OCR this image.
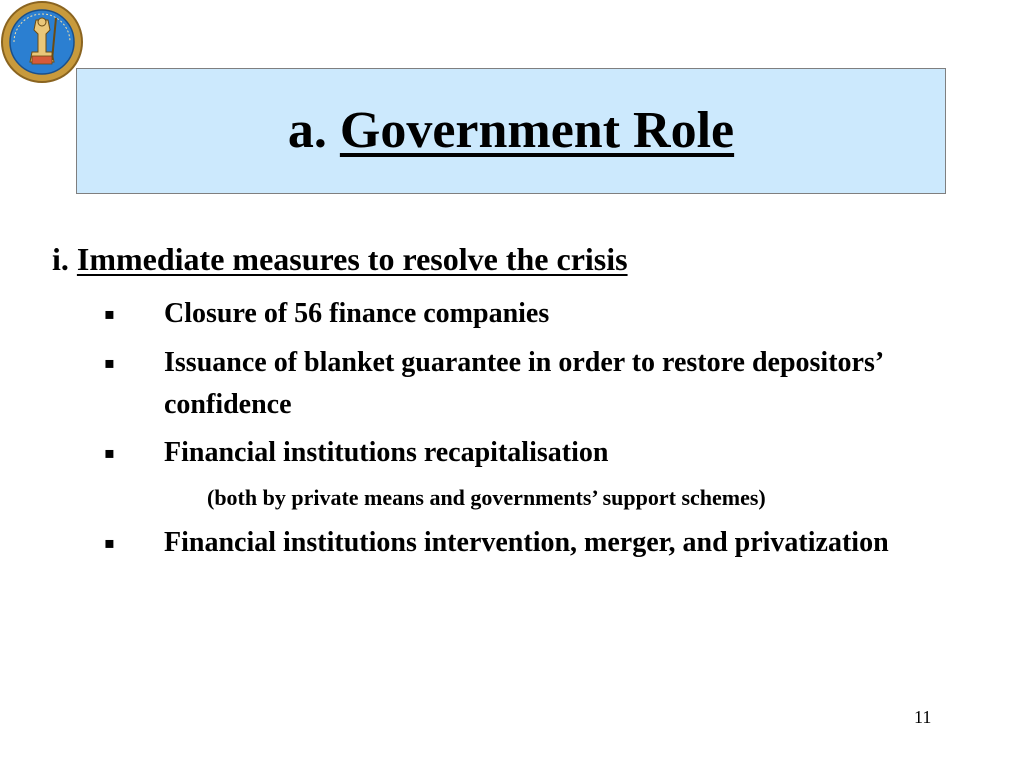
a. Government Role
i. Immediate measures to resolve the crisis
▪ Closure of 56 finance companies
▪ Issuance of blanket guarantee in order to restore depositors’ confidence
▪ Financial institutions recapitalisation
(both by private means and governments’ support schemes)
▪ Financial institutions intervention, merger, and privatization
11
